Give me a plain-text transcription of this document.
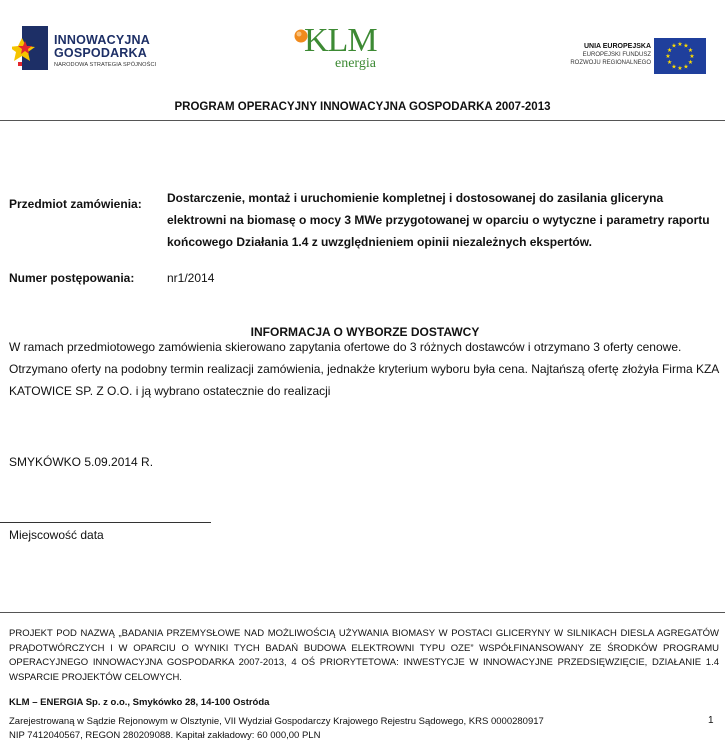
INNOWACYJNA
GOSPODARKA
NARODOWA STRATEGIA SPÓJNOŚCI
KLM
energia
UNIA EUROPEJSKA
EUROPEJSKI FUNDUSZ
ROZWOJU REGIONALNEGO
★ ★
★
★
★
★
★
★
★
★
★
★
PROGRAM OPERACYJNY INNOWACYJNA GOSPODARKA 2007-2013
Przedmiot zamówienia: Dostarczenie, montaż i uruchomienie kompletnej i dostosowanej do zasilania gliceryna elektrowni na biomasę o mocy 3 MWe przygotowanej w oparciu o wytyczne i parametry raportu końcowego Działania 1.4 z uwzględnieniem opinii niezależnych ekspertów.
Numer postępowania:	nr1/2014
INFORMACJA O WYBORZE DOSTAWCY
W ramach przedmiotowego zamówienia skierowano zapytania ofertowe do 3 różnych dostawców i otrzymano 3 oferty cenowe. Otrzymano oferty na podobny termin realizacji zamówienia, jednakże kryterium wyboru była cena. Najtańszą ofertę złożyła Firma KZA KATOWICE SP. Z O.O. i ją wybrano ostatecznie do realizacji
SMYKÓWKO 5.09.2014 R.
Miejscowość data
PROJEKT POD NAZWĄ „BADANIA PRZEMYSŁOWE NAD MOŻLIWOŚCIĄ UŻYWANIA BIOMASY W POSTACI GLICERYNY W SILNIKACH DIESLA AGREGATÓW PRĄDOTWÓRCZYCH I W OPARCIU O WYNIKI TYCH BADAŃ BUDOWA ELEKTROWNI TYPU OZE” WSPÓŁFINANSOWANY ZE ŚRODKÓW PROGRAMU OPERACYJNEGO INNOWACYJNA GOSPODARKA 2007-2013, 4 OŚ PRIORYTETOWA: INWESTYCJE W INNOWACYJNE PRZEDSIĘWZIĘCIE, DZIAŁANIE 1.4 WSPARCIE PROJEKTÓW CELOWYCH.
KLM – ENERGIA Sp. z o.o., Smykówko 28, 14-100 Ostróda
Zarejestrowaną w Sądzie Rejonowym w Olsztynie, VII Wydział Gospodarczy Krajowego Rejestru Sądowego, KRS 0000280917
NIP 7412040567, REGON 280209088. Kapitał zakładowy: 60 000,00 PLN
1
